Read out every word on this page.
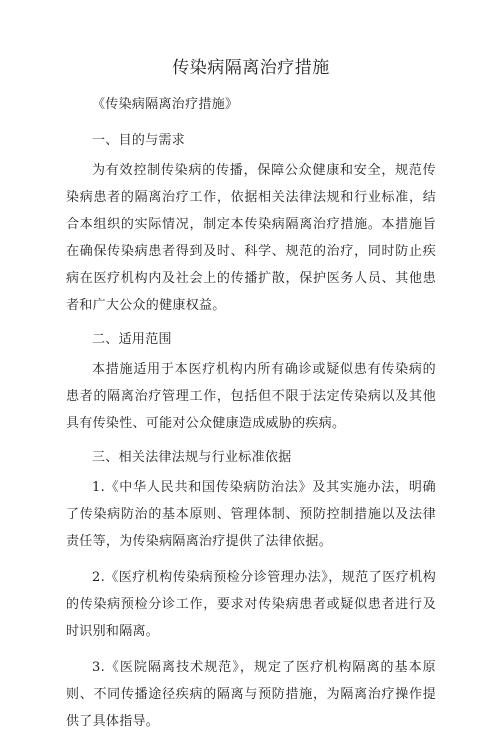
传染病隔离治疗措施

《传染病隔离治疗措施》

一、目的与需求

为有效控制传染病的传播，保障公众健康和安全，规范传染病患者的隔离治疗工作，依据相关法律法规和行业标准，结合本组织的实际情况，制定本传染病隔离治疗措施。本措施旨在确保传染病患者得到及时、科学、规范的治疗，同时防止疾病在医疗机构内及社会上的传播扩散，保护医务人员、其他患者和广大公众的健康权益。

二、适用范围

本措施适用于本医疗机构内所有确诊或疑似患有传染病的患者的隔离治疗管理工作，包括但不限于法定传染病以及其他具有传染性、可能对公众健康造成威胁的疾病。

三、相关法律法规与行业标准依据

1.《中华人民共和国传染病防治法》及其实施办法，明确了传染病防治的基本原则、管理体制、预防控制措施以及法律责任等，为传染病隔离治疗提供了法律依据。

2.《医疗机构传染病预检分诊管理办法》，规范了医疗机构的传染病预检分诊工作，要求对传染病患者或疑似患者进行及时识别和隔离。

3.《医院隔离技术规范》，规定了医疗机构隔离的基本原则、不同传播途径疾病的隔离与预防措施，为隔离治疗操作提供了具体指导。
